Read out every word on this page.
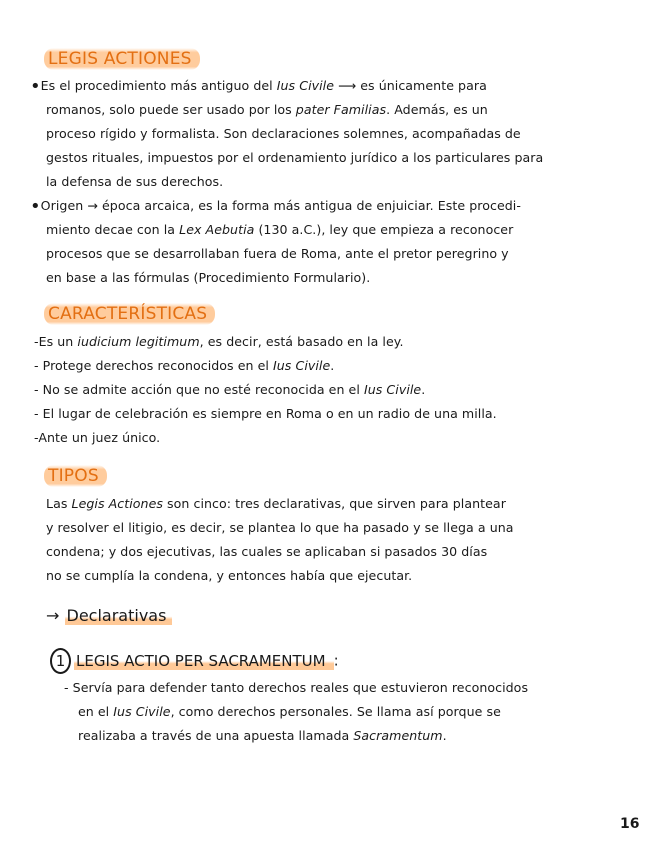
LEGIS ACTIONES
•Es el procedimiento más antiguo del Ius Civile ⟶ es únicamente para
romanos, solo puede ser usado por los pater Familias. Además, es un
proceso rígido y formalista. Son declaraciones solemnes, acompañadas de
gestos rituales, impuestos por el ordenamiento jurídico a los particulares para
la defensa de sus derechos.
•Origen → época arcaica, es la forma más antigua de enjuiciar. Este procedi-
miento decae con la Lex Aebutia (130 a.C.), ley que empieza a reconocer
procesos que se desarrollaban fuera de Roma, ante el pretor peregrino y
en base a las fórmulas (Procedimiento Formulario).
CARACTERÍSTICAS
-Es un iudicium legitimum, es decir, está basado en la ley.
- Protege derechos reconocidos en el Ius Civile.
- No se admite acción que no esté reconocida en el Ius Civile.
- El lugar de celebración es siempre en Roma o en un radio de una milla.
-Ante un juez único.
TIPOS
Las Legis Actiones son cinco: tres declarativas, que sirven para plantear
y resolver el litigio, es decir, se plantea lo que ha pasado y se llega a una
condena; y dos ejecutivas, las cuales se aplicaban si pasados 30 días
no se cumplía la condena, y entonces había que ejecutar.
→ Declarativas
1 LEGIS ACTIO PER SACRAMENTUM :
- Servía para defender tanto derechos reales que estuvieron reconocidos
en el Ius Civile, como derechos personales. Se llama así porque se
realizaba a través de una apuesta llamada Sacramentum.
16
